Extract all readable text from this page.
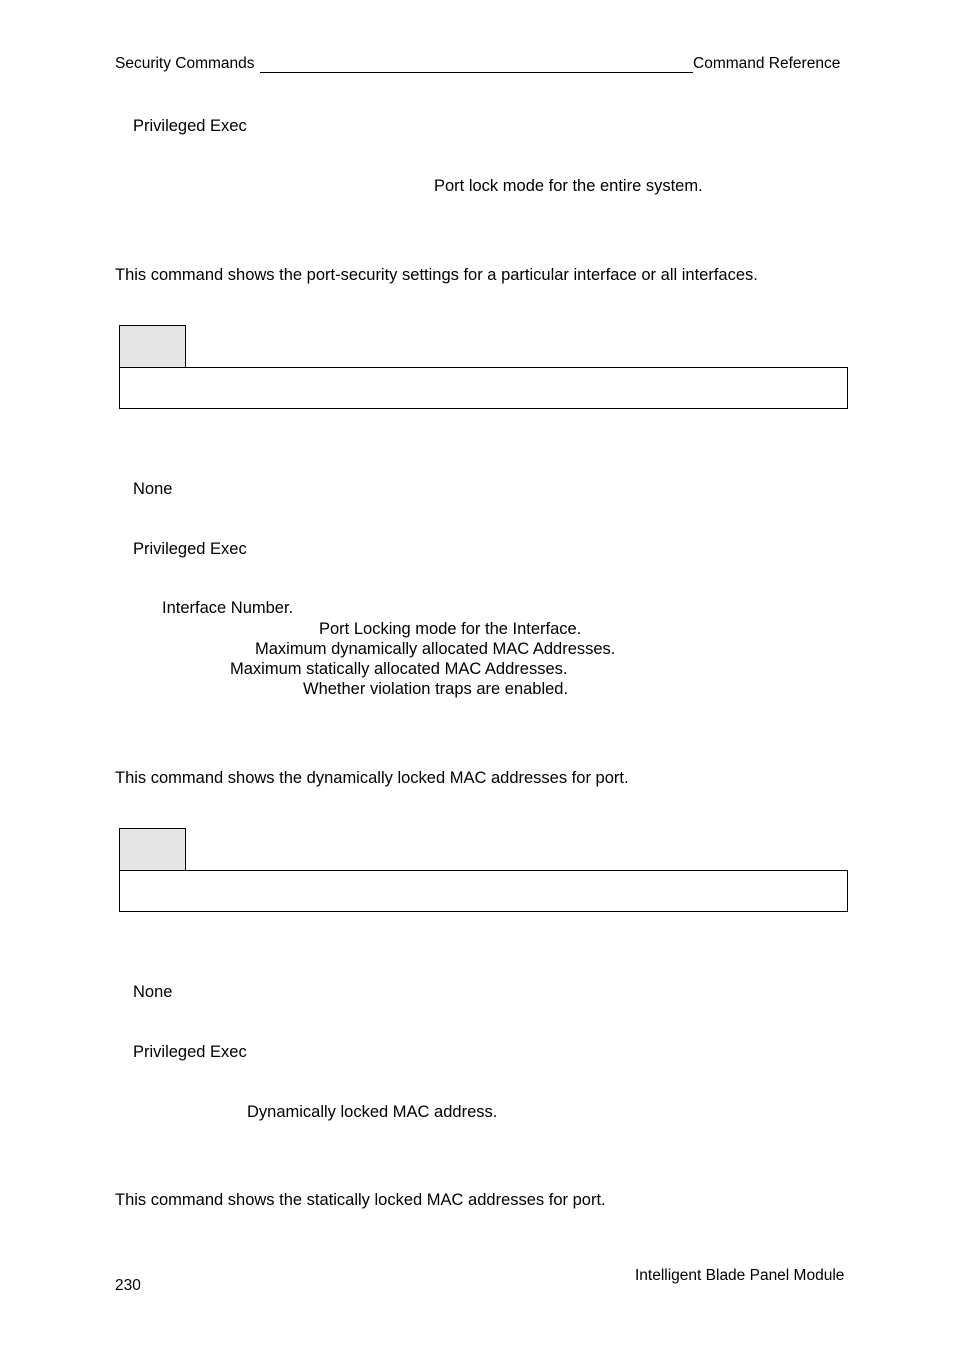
Security Commands	Command Reference
Privileged Exec
Port lock mode for the entire system.
This command shows the port-security settings for a particular interface or all interfaces.
None
Privileged Exec
Interface Number.
Port Locking mode for the Interface.
Maximum dynamically allocated MAC Addresses.
Maximum statically allocated MAC Addresses.
Whether violation traps are enabled.
This command shows the dynamically locked MAC addresses for port.
None
Privileged Exec
Dynamically locked MAC address.
This command shows the statically locked MAC addresses for port.
230
Intelligent Blade Panel Module
